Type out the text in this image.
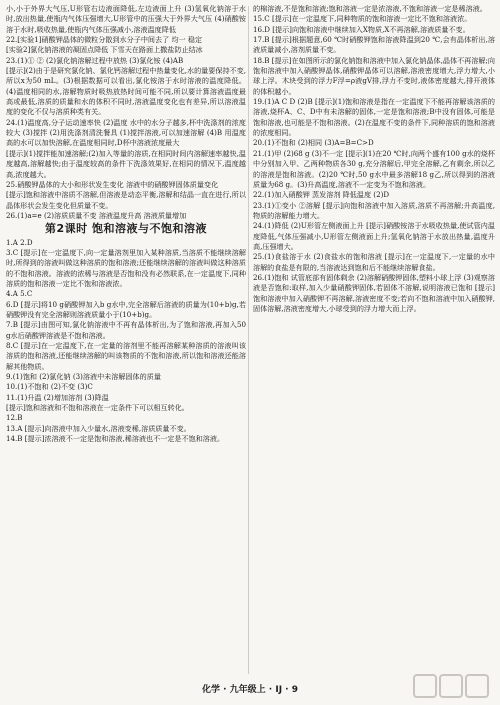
小,小于外界大气压,U形管右边液面降低,左边液面上升 (3)氢氧化钠溶于水时,放出热量,使瓶内气体压强增大,U形管中的压强大于外界大气压 (4)硝酸铵溶于水时,吸收热量,使瓶内气体压强减小,溶液温度降低

22.[实验1]硝酸钾晶体的微粒分散到水分子中间去了 均一 稳定

[实验2]氯化钠溶液的凝固点降低 下雪天在路面上撒盐防止结冰

23.(1)① ② (2)氯化钠溶解过程中放热 (3)氯化铵 (4)AB

[提示](2)由于是研究氯化钠、氯化钙溶解过程中热量变化,水的量要保持不变,所以x为50 mL。(3)根据数据可以看出,氯化铵溶于水时溶液的温度降低。(4)温度相同的水,溶解物质时吸热放热时间可能不同,所以要计算溶液温度最高或最低,溶质的质量和水的体积不同时,溶液温度变化也有差异,所以溶液温度的变化不仅与溶质种类有关。

24.(1)温度高,分子运动速率快 (2)温度 水中的水分子越多,杯中洗涤剂的浓度较大 (3)搅拌 (2)用洗涤剂清洗餐具 (1)搅拌溶液,可以加速溶解 (4)B 用温度高的水可以加快溶解,在温度相同时,D杯中溶液浓度最大

[提示](1)搅拌能加速溶解;(2)加入等量的溶质,在相同时间内溶解速率越快,温度越高,溶解越快;由于温度较高的条件下洗涤效果好,在相同的情况下,温度越高,浓度越大。

25.硝酸钾晶体的大小和形状发生变化 溶液中的硝酸钾固体质量变化

[提示]饱和溶液中溶质不溶解,但溶液是动态平衡,溶解和结晶一直在进行,所以晶体形状会发生变化但质量不变。

26.(1)a=e (2)溶质质量不变 溶液温度升高 溶液质量增加

第2课时 饱和溶液与不饱和溶液

1.A 2.D

3.C [提示]在一定温度下,向一定量溶剂里加入某种溶质,当溶质不能继续溶解时,所得到的溶液叫做这种溶质的饱和溶液;还能继续溶解的溶液叫做这种溶质的不饱和溶液。溶液的浓稀与溶液是否饱和没有必然联系,在一定温度下,同种溶质的饱和溶液一定比不饱和溶液浓。

4.A 5.C

6.D [提示]将10 g硝酸钾加入b g水中,完全溶解后溶液的质量为(10+b)g,若硝酸钾没有完全溶解则溶液质量小于(10+b)g。

7.B [提示]由图可知,氯化钠溶液中不再有晶体析出,为了饱和溶液,再加入50 g水后硝酸钾溶液是不饱和溶液。

8.C [提示]在一定温度下,在一定量的溶剂里不能再溶解某种溶质的溶液叫该溶质的饱和溶液,还能继续溶解的叫该物质的不饱和溶液,所以饱和溶液还能溶解其他物质。

9.(1)饱和 (2)氯化钠 (3)溶液中未溶解固体的质量

10.(1)不饱和 (2)不变 (3)C

11.(1)升温 (2)增加溶剂 (3)降温

[提示]饱和溶液和不饱和溶液在一定条件下可以相互转化。

12.B

13.A [提示]向溶液中加入少量水,溶液变稀,溶质质量不变。

14.B [提示]浓溶液不一定是饱和溶液,稀溶液也不一定是不饱和溶液。

的棉溶液,不是饱和溶液;饱和溶液一定是浓溶液,不饱和溶液一定是稀溶液。

15.C [提示]在一定温度下,同种物质的饱和溶液一定比不饱和溶液浓。

16.D [提示]向饱和溶液中继续加入X物质,X不再溶解,溶液质量不变。

17.B [提示]根据题意,60 ℃时硝酸钾饱和溶液降温到20 ℃,会有晶体析出,溶液质量减小,溶剂质量不变。

18.B [提示]在如图所示的氯化钠饱和溶液中加入氯化钠晶体,晶体不再溶解;向饱和溶液中加入硝酸钾晶体,硝酸钾晶体可以溶解,溶液密度增大,浮力增大,小球上浮。木块受到的浮力F浮=ρ液gV排,浮力不变时,液体密度越大,排开液体的体积越小。

19.(1)A C D (2)B [提示](1)饱和溶液是指在一定温度下不能再溶解该溶质的溶液,烧杯A、C、D中有未溶解的固体,一定是饱和溶液;B中没有固体,可能是饱和溶液,也可能是不饱和溶液。(2)在温度不变的条件下,同种溶质的饱和溶液的浓度相同。

20.(1)不饱和 (2)相同 (3)A=B=C>D

21.(1)甲 (2)68 g (3)不一定 [提示](1)在20 ℃时,向两个盛有100 g水的烧杯中分别加入甲、乙两种物质各30 g,充分溶解后,甲完全溶解,乙有剩余,所以乙的溶液是饱和溶液。(2)20 ℃时,50 g水中最多溶解18 g乙,所以得到的溶液质量为68 g。(3)升高温度,溶液不一定变为不饱和溶液。

22.(1)加入硝酸钾 蒸发溶剂 降低温度 (2)D

23.(1)①变小 ②溶解 [提示]向饱和溶液中加入溶质,溶质不再溶解;升高温度,物质的溶解能力增大。

24.(1)降低 (2)U形管左侧液面上升 [提示]硝酸铵溶于水吸收热量,使试管内温度降低,气体压强减小,U形管左侧液面上升;氢氧化钠溶于水放出热量,温度升高,压强增大。

25.(1)食盐溶于水 (2)食盐水的饱和溶液 [提示]在一定温度下,一定量的水中溶解的食盐是有限的,当溶液达到饱和后不能继续溶解食盐。

26.(1)饱和 试管底部有固体剩余 (2)溶解硝酸钾固体,塑料小球上浮 (3)观察溶液是否饱和:取样,加入少量硝酸钾固体,若固体不溶解,说明溶液已饱和 [提示]饱和溶液中加入硝酸钾不再溶解,溶液密度不变;若向不饱和溶液中加入硝酸钾,固体溶解,溶液密度增大,小球受到的浮力增大而上浮。

化学 · 九年级上 · IJ · 9
